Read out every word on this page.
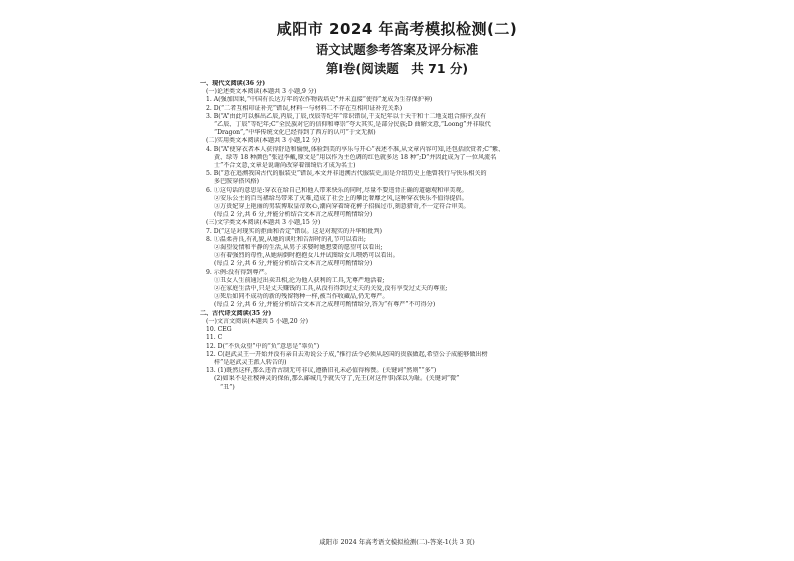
咸阳市 2024 年高考模拟检测(二)
语文试题参考答案及评分标准
第Ⅰ卷(阅读题　共 71 分)
一、现代文阅读(36 分)
(一)论述类文本阅读(本题共 3 小题,9 分)
1. A(强加因果,“中国有长达万年的农作物栽培史”并未直接“使得”龙成为生存保护神)
2. D(“二者互相印证补充”错误,材料一与材料二不存在互相印证补充关系)
3. B(“A”由此可以推出乙辰,丙辰,丁辰,戊辰等纪年“常识错误,干支纪年以十天干和十二地支组合排序,没有
“乙辰、丁辰”等纪年;C“全民族对它的信仰和尊崇”夸大其实,是部分民族;D 曲解文意,“Loong”并非取代
“Dragon”,“中华传统文化已经得到了西方的认可”于文无据)
(二)实用类文本阅读(本题共 3 小题,12 分)
4. B(“A”使穿衣者本人获得舒适和愉悦,体验到美的享乐与开心”表述不准,从文章内容可知,还包括欣赏者;C“紫、
黄、绿等 18 种颜色“张冠李戴,原文是“用以作为主色调的红色就多达 18 种”;D“并因此成为了一位风流名
士”不合文意,文章是说谢尚改穿着钿绮后才成为名士)
5. B(“意在追溯我国古代的服装史”错误,本文并非追溯古代服装史,而是介绍历史上他曾我行与快乐相关的
多巴胺穿搭风格)
6. ①这句话的意思是:穿衣在给自己和他人带来快乐的同时,尽量不要违背正确的道德观和审美观。
②安乐公主的百鸟裙给鸟带来了灭难,造成了社会上的攀比奢靡之风,这种穿衣快乐不值得提倡。
③万贵妃穿上艳丽的男装博取皇帝欢心,潮向穿着绮花裤子招摇过市,刻意猎奇,不一定符合审美。
(每点 2 分,共 6 分,并能分析结合文本言之成理可酌情给分)
(三)文学类文本阅读(本题共 3 小题,15 分)
7. D(“这是对现实的拒曲和否定”错误。这是对现实的升华和批判)
8. ①温柔善良,有礼貌,从她的谈吐和告辞时的礼节可以看出;
②渴望爱情和平静的生活,从男子求娶时她想要的愿望可以看出;
③有着强烈的母性,从她病倒时抱抱女儿并试图给女儿喂奶可以看出。
(每点 2 分,共 6 分,并能分析结合文本言之成理可酌情给分)
9. 示例:没有得到尊严。
①丑女人生前通过出卖丑相,沦为他人获利的工具,无尊严地活着;
②在家庭生活中,只是丈夫赚钱的工具,从没有得到过丈夫的关爱,没有享受过丈夫的尊重;
③死后如同不成功的新的残留物种一样,被当作收藏品,仍无尊严。
(每点 2 分,共 6 分,并能分析结合文本言之成理可酌情给分,答为“有尊严”不可得分)
二、古代诗文阅读(35 分)
(一)文言文阅读(本题共 5 小题,20 分)
10. CEG
11. C
12. D(“不负众望”中的“负”意思是“辜负”)
12. C(赵武灵王一开始并没有亲自去劝说公子成,“推行法令必须从赵国的贵族做起,希望公子成能够做出榜
样”是赵武灵王派人转告的)
13. (1)既然这样,那么违背古制无可非议,遵循旧礼未必值得称赞。(关键词“然则”“多”)
(2)如果不是社稷神灵的保佑,那么鄗城几乎就失守了,先王(对这件事)深以为耻。(关键词“微”
“丑”)
咸阳市 2024 年高考语文模拟检测(二)-答案-1(共 3 页)
